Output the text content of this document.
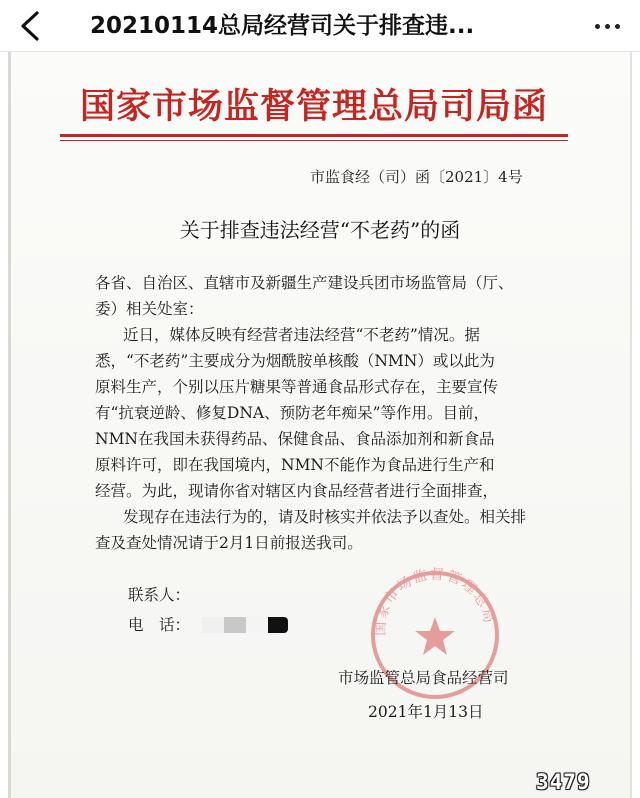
20210114总局经营司关于排查违...
国家市场监督管理总局司局函
市监食经（司）函〔2021〕4号
关于排查违法经营“不老药”的函
各省、自治区、直辖市及新疆生产建设兵团市场监管局（厅、
委）相关处室：
近日，媒体反映有经营者违法经营“不老药”情况。据
悉，“不老药”主要成分为烟酰胺单核酸（NMN）或以此为
原料生产，个别以压片糖果等普通食品形式存在，主要宣传
有“抗衰逆龄、修复DNA、预防老年痴呆”等作用。目前，
NMN在我国未获得药品、保健食品、食品添加剂和新食品
原料许可，即在我国境内，NMN不能作为食品进行生产和
经营。为此，现请你省对辖区内食品经营者进行全面排查，
发现存在违法行为的，请及时核实并依法予以查处。相关排
查及查处情况请于2月1日前报送我司。
联系人：
电　话：	国家市场监督管理总局
市场监管总局食品经营司
2021年1月13日
3479
